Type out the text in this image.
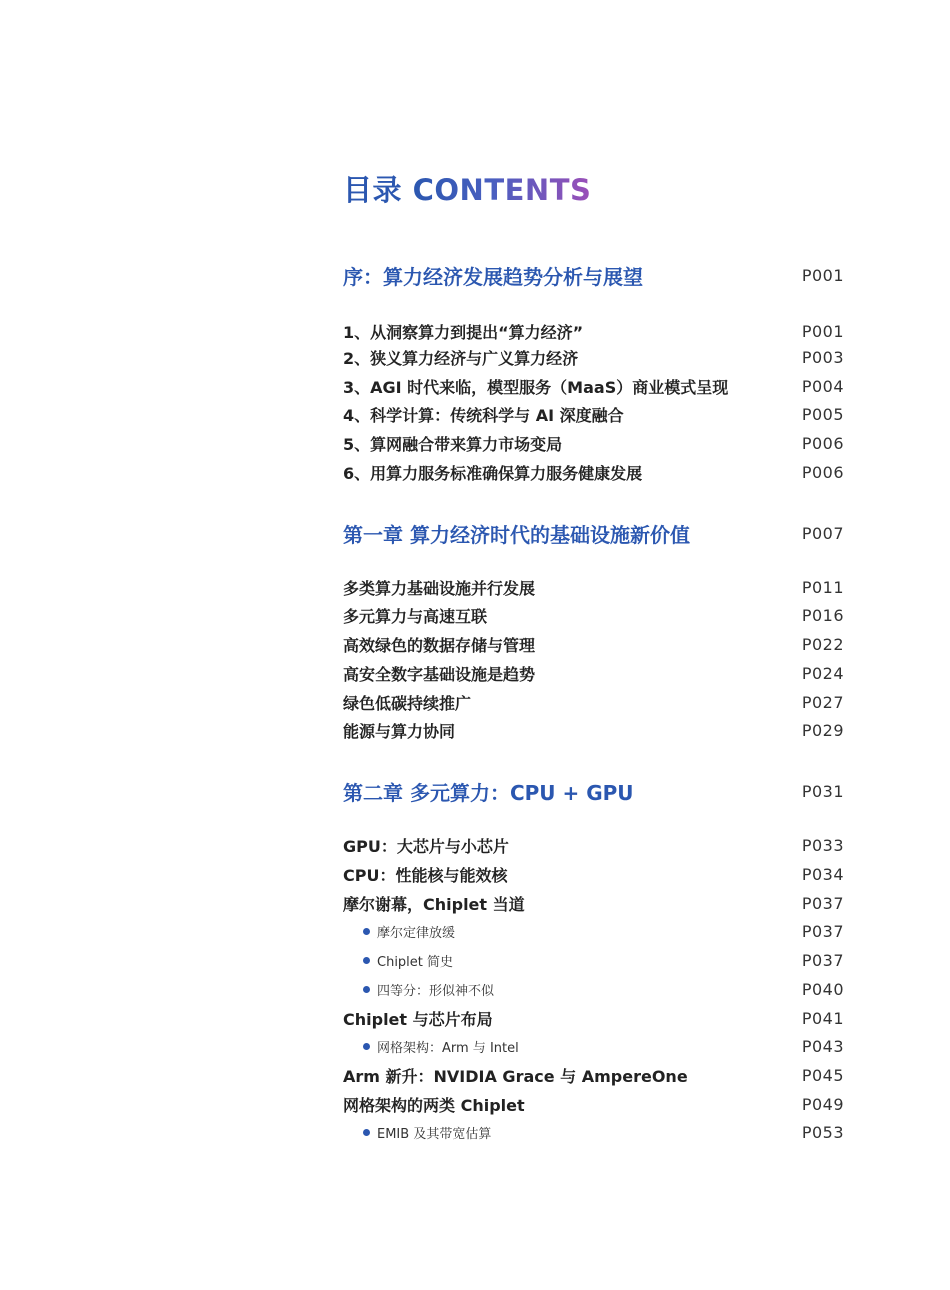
目录 CONTENTS
序：算力经济发展趋势分析与展望	P001
1、从洞察算力到提出“算力经济”	P001
2、狭义算力经济与广义算力经济	P003
3、AGI 时代来临，模型服务（MaaS）商业模式呈现	P004
4、科学计算：传统科学与 AI 深度融合	P005
5、算网融合带来算力市场变局	P006
6、用算力服务标准确保算力服务健康发展	P006
第一章 算力经济时代的基础设施新价值	P007
多类算力基础设施并行发展	P011
多元算力与高速互联	P016
高效绿色的数据存储与管理	P022
高安全数字基础设施是趋势	P024
绿色低碳持续推广	P027
能源与算力协同	P029
第二章 多元算力：CPU + GPU	P031
GPU：大芯片与小芯片	P033
CPU：性能核与能效核	P034
摩尔谢幕，Chiplet 当道	P037
摩尔定律放缓	P037
Chiplet 简史	P037
四等分：形似神不似	P040
Chiplet 与芯片布局	P041
网格架构：Arm 与 Intel	P043
Arm 新升：NVIDIA Grace 与 AmpereOne	P045
网格架构的两类 Chiplet	P049
EMIB 及其带宽估算	P053
